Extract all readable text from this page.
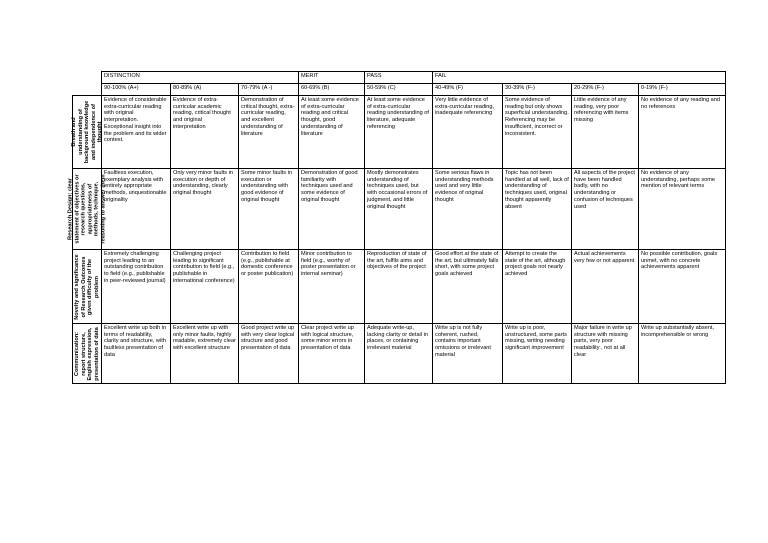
	DISTINCTION			MERIT	PASS	FAIL			
	90-100% (A+)	80-89% (A)	70-79% (A -)	60-69% (B)	50-59% (C)	40-49% (F)	30-39% (F-)	20-29% (F-)	0-19% (F-)

Breath and understanding of background knowledge and independence of thought	Evidence of considerable extra-curricular reading with original interpretation. Exceptional insight into the problem and its wider context.	Evidence of extra-curricular academic reading, critical thought and original interpretation	Demonstration of critical thought, extra-curricular reading, and excellent understanding of literature	At least some evidence of extra-curricular reading and critical thought, good understanding of literature	At least some evidence of extra-curricular reading understanding of literature, adequate referencing	Very little evidence of extra-curricular reading, inadequate referencing	Some evidence of reading but only shows superficial understanding. Referencing may be insufficient, incorrect or inconsistent.	Little evidence of any reading, very poor referencing with items missing	No evidence of any reading and no references

Research Design: clear statement of objectives or research questions, appropriateness of methods, technique, reasoning to answer them	Faultless execution, exemplary analysis with entirely appropriate methods, unquestionable originality	Only very minor faults in execution or depth of understanding, clearly original thought	Some minor faults in execution or understanding with good evidence of original thought	Demonstration of good familiarity with techniques used and some evidence of original thought	Mostly demonstrates understanding of techniques used, but with occasional errors of judgment, and little original thought	Some serious flaws in understanding methods used and very little evidence of original thought	Topic has not been handled at all well, lack of understanding of techniques used, original thought apparently absent	All aspects of the project have been handled badly, with no understanding or confusion of techniques used	No evidence of any understanding, perhaps some mention of relevant terms

Novelty and significance of Research Outcomes given difficulty of the problem	Extremely challenging project leading to an outstanding contribution to field (e.g., publishable in peer-reviewed journal)	Challenging project leading to significant contribution to field (e.g., publishable in international conference)	Contribution to field (e.g., publishable at domestic conference or poster publication)	Minor contribution to field (e.g., worthy of poster presentation or internal seminar)	Reproduction of state of the art, fulfils aims and objectives of the project	Good effort at the state of the art, but ultimately falls short, with some project goals achieved	Attempt to create the state of the art, although project goals not nearly achieved	Actual achievements very few or not apparent	No possible contribution, goals unmet, with no concrete achievements apparent

Communication: report structure, English expression, presentation of data	Excellent write up both in terms of readability, clarity and structure, with faultless presentation of data	Excellent write up with only minor faults, highly readable, extremely clear with excellent structure	Good project write up with very clear logical structure and good presentation of data	Clear project write up with logical structure, some minor errors in presentation of data	Adequate write-up, lacking clarity or detail in places, or containing irrelevant material	Write up is not fully coherent, rushed, contains important omissions or irrelevant material	Write up is poor, unstructured, some parts missing, writing needing significant improvement	Major failure in write up structure with missing parts, very poor readability , not at all clear	Write up substantially absent, incomprehensible or wrong
